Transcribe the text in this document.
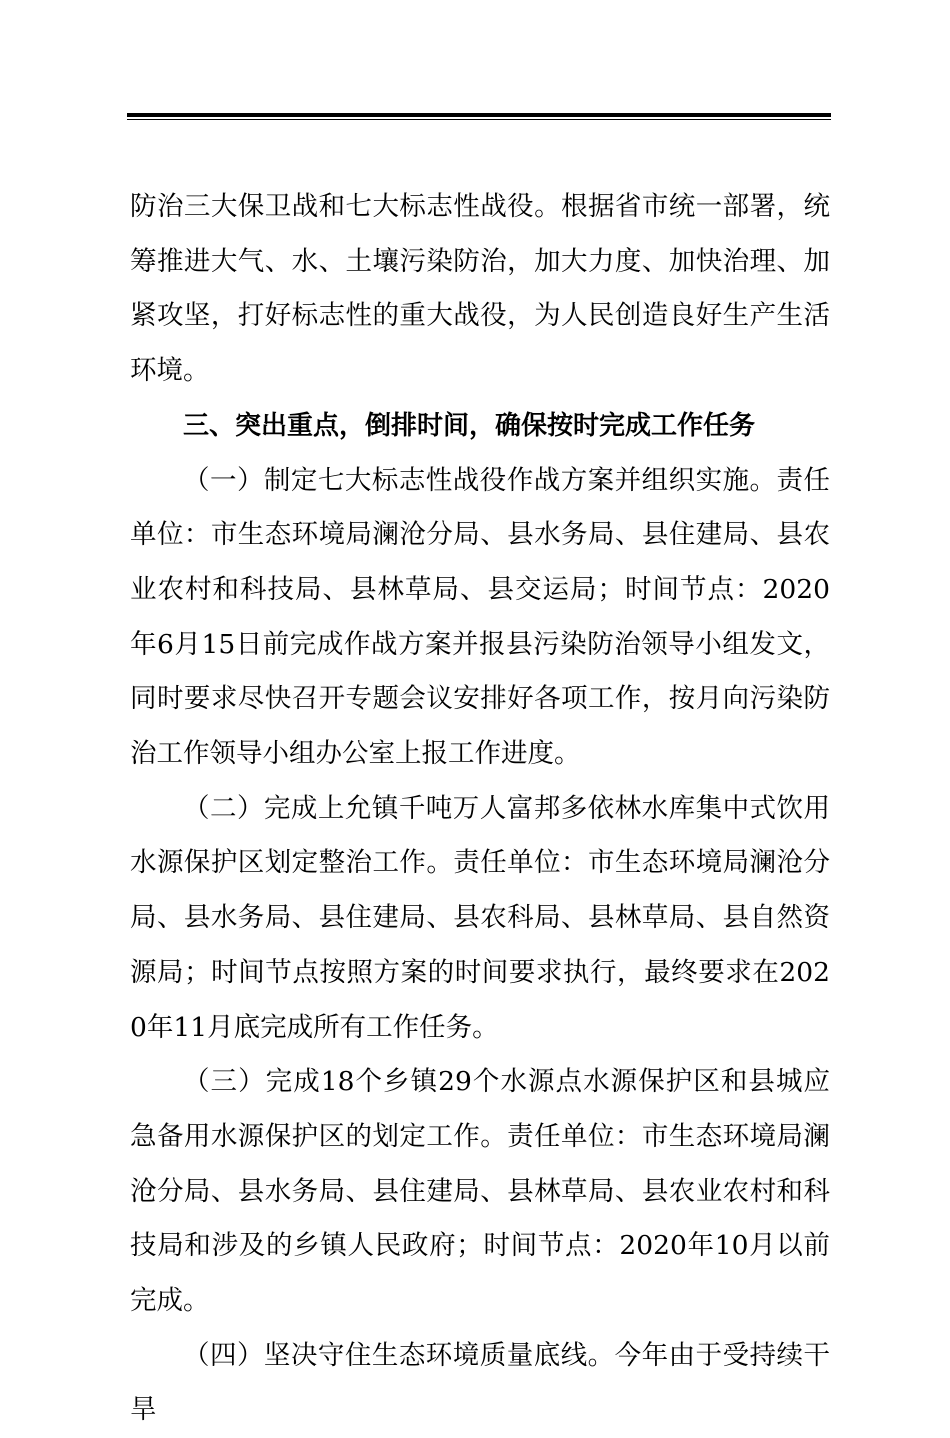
防治三大保卫战和七大标志性战役。根据省市统一部署，统筹推进大气、水、土壤污染防治，加大力度、加快治理、加紧攻坚，打好标志性的重大战役，为人民创造良好生产生活环境。

三、突出重点，倒排时间，确保按时完成工作任务

（一）制定七大标志性战役作战方案并组织实施。责任单位：市生态环境局澜沧分局、县水务局、县住建局、县农业农村和科技局、县林草局、县交运局；时间节点：2020年6月15日前完成作战方案并报县污染防治领导小组发文，同时要求尽快召开专题会议安排好各项工作，按月向污染防治工作领导小组办公室上报工作进度。

（二）完成上允镇千吨万人富邦多依林水库集中式饮用水源保护区划定整治工作。责任单位：市生态环境局澜沧分局、县水务局、县住建局、县农科局、县林草局、县自然资源局；时间节点按照方案的时间要求执行，最终要求在2020年11月底完成所有工作任务。

（三）完成18个乡镇29个水源点水源保护区和县城应急备用水源保护区的划定工作。责任单位：市生态环境局澜沧分局、县水务局、县住建局、县林草局、县农业农村和科技局和涉及的乡镇人民政府；时间节点：2020年10月以前完成。

（四）坚决守住生态环境质量底线。今年由于受持续干旱
